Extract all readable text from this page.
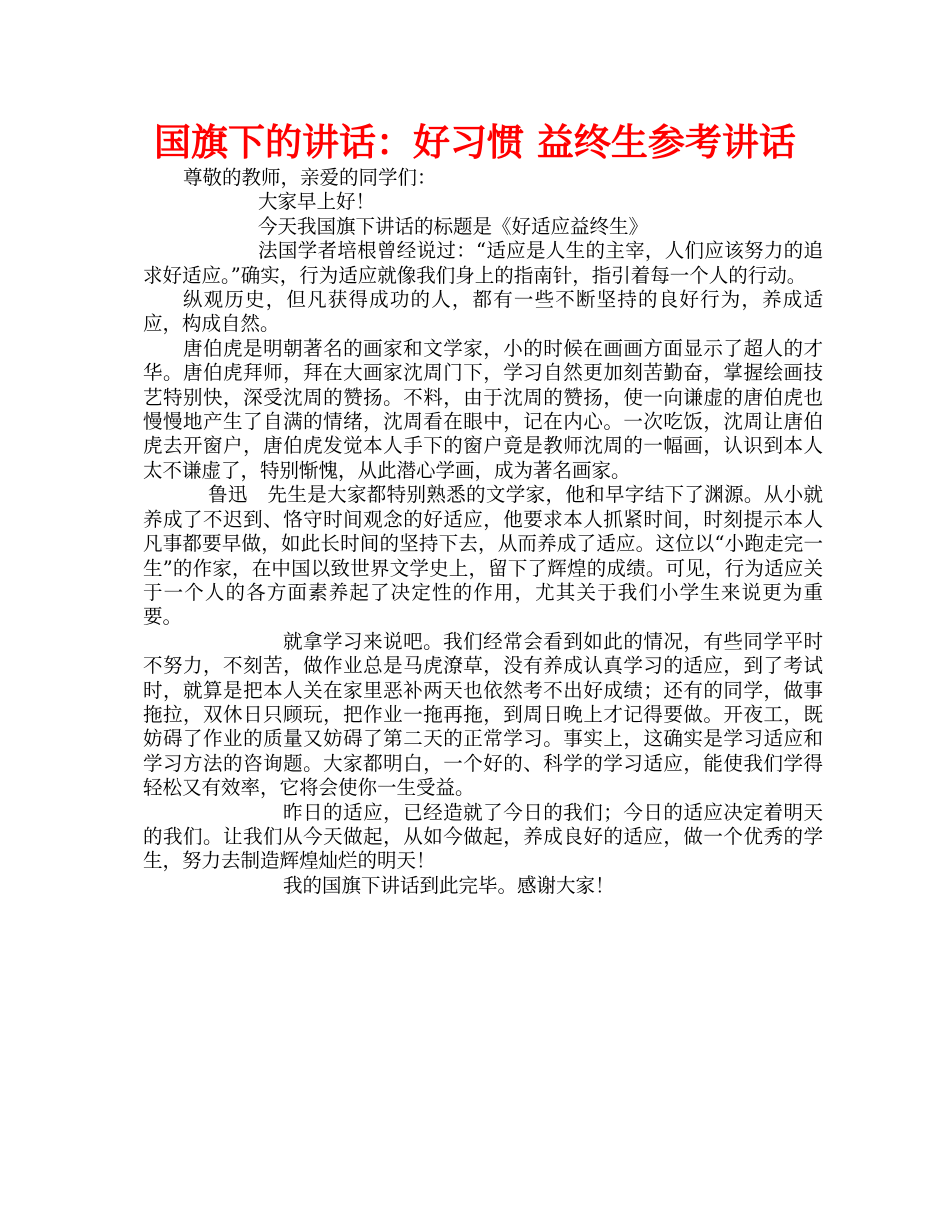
国旗下的讲话：好习惯 益终生参考讲话

尊敬的教师，亲爱的同学们：

大家早上好！

今天我国旗下讲话的标题是《好适应益终生》

法国学者培根曾经说过：“适应是人生的主宰，人们应该努力的追求好适应。”确实，行为适应就像我们身上的指南针，指引着每一个人的行动。

纵观历史，但凡获得成功的人，都有一些不断坚持的良好行为，养成适应，构成自然。

唐伯虎是明朝著名的画家和文学家，小的时候在画画方面显示了超人的才华。唐伯虎拜师，拜在大画家沈周门下，学习自然更加刻苦勤奋，掌握绘画技艺特别快，深受沈周的赞扬。不料，由于沈周的赞扬，使一向谦虚的唐伯虎也慢慢地产生了自满的情绪，沈周看在眼中，记在内心。一次吃饭，沈周让唐伯虎去开窗户，唐伯虎发觉本人手下的窗户竟是教师沈周的一幅画，认识到本人太不谦虚了，特别惭愧，从此潜心学画，成为著名画家。

鲁迅　先生是大家都特别熟悉的文学家，他和早字结下了渊源。从小就养成了不迟到、恪守时间观念的好适应，他要求本人抓紧时间，时刻提示本人凡事都要早做，如此长时间的坚持下去，从而养成了适应。这位以“小跑走完一生”的作家，在中国以致世界文学史上，留下了辉煌的成绩。可见，行为适应关于一个人的各方面素养起了决定性的作用，尤其关于我们小学生来说更为重要。

就拿学习来说吧。我们经常会看到如此的情况，有些同学平时不努力，不刻苦，做作业总是马虎潦草，没有养成认真学习的适应，到了考试时，就算是把本人关在家里恶补两天也依然考不出好成绩；还有的同学，做事拖拉，双休日只顾玩，把作业一拖再拖，到周日晚上才记得要做。开夜工，既妨碍了作业的质量又妨碍了第二天的正常学习。事实上，这确实是学习适应和学习方法的咨询题。大家都明白，一个好的、科学的学习适应，能使我们学得轻松又有效率，它将会使你一生受益。

昨日的适应，已经造就了今日的我们；今日的适应决定着明天的我们。让我们从今天做起，从如今做起，养成良好的适应，做一个优秀的学生，努力去制造辉煌灿烂的明天！

我的国旗下讲话到此完毕。感谢大家！
